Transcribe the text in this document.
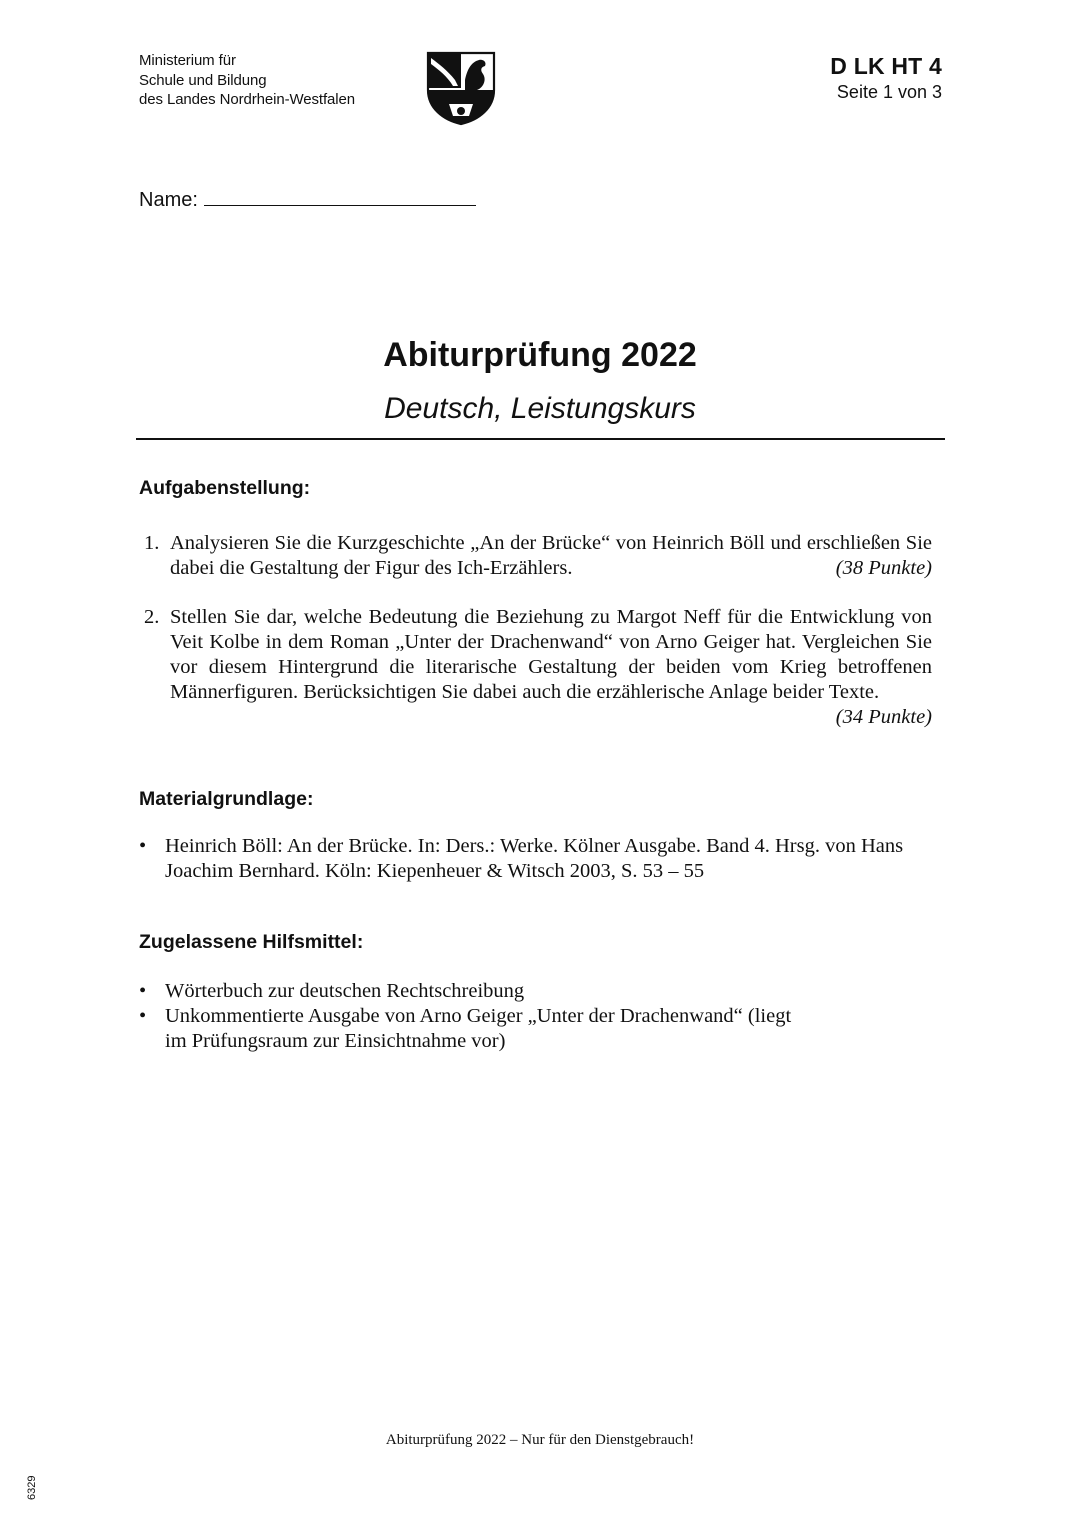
Ministerium für
Schule und Bildung
des Landes Nordrhein-Westfalen
D LK HT 4
Seite 1 von 3
Name:
Abiturprüfung 2022
Deutsch, Leistungskurs
Aufgabenstellung:
1. Analysieren Sie die Kurzgeschichte „An der Brücke“ von Heinrich Böll und erschließen Sie dabei die Gestaltung der Figur des Ich-Erzählers.	(38 Punkte)
2. Stellen Sie dar, welche Bedeutung die Beziehung zu Margot Neff für die Entwicklung von Veit Kolbe in dem Roman „Unter der Drachenwand“ von Arno Geiger hat. Vergleichen Sie vor diesem Hintergrund die literarische Gestaltung der beiden vom Krieg betroffenen Männerfiguren. Berücksichtigen Sie dabei auch die erzählerische Anlage beider Texte.
(34 Punkte)
Materialgrundlage:
• Heinrich Böll: An der Brücke. In: Ders.: Werke. Kölner Ausgabe. Band 4. Hrsg. von Hans Joachim Bernhard. Köln: Kiepenheuer & Witsch 2003, S. 53 – 55
Zugelassene Hilfsmittel:
• Wörterbuch zur deutschen Rechtschreibung
• Unkommentierte Ausgabe von Arno Geiger „Unter der Drachenwand“ (liegt im Prüfungsraum zur Einsichtnahme vor)
Abiturprüfung 2022 – Nur für den Dienstgebrauch!
6329
